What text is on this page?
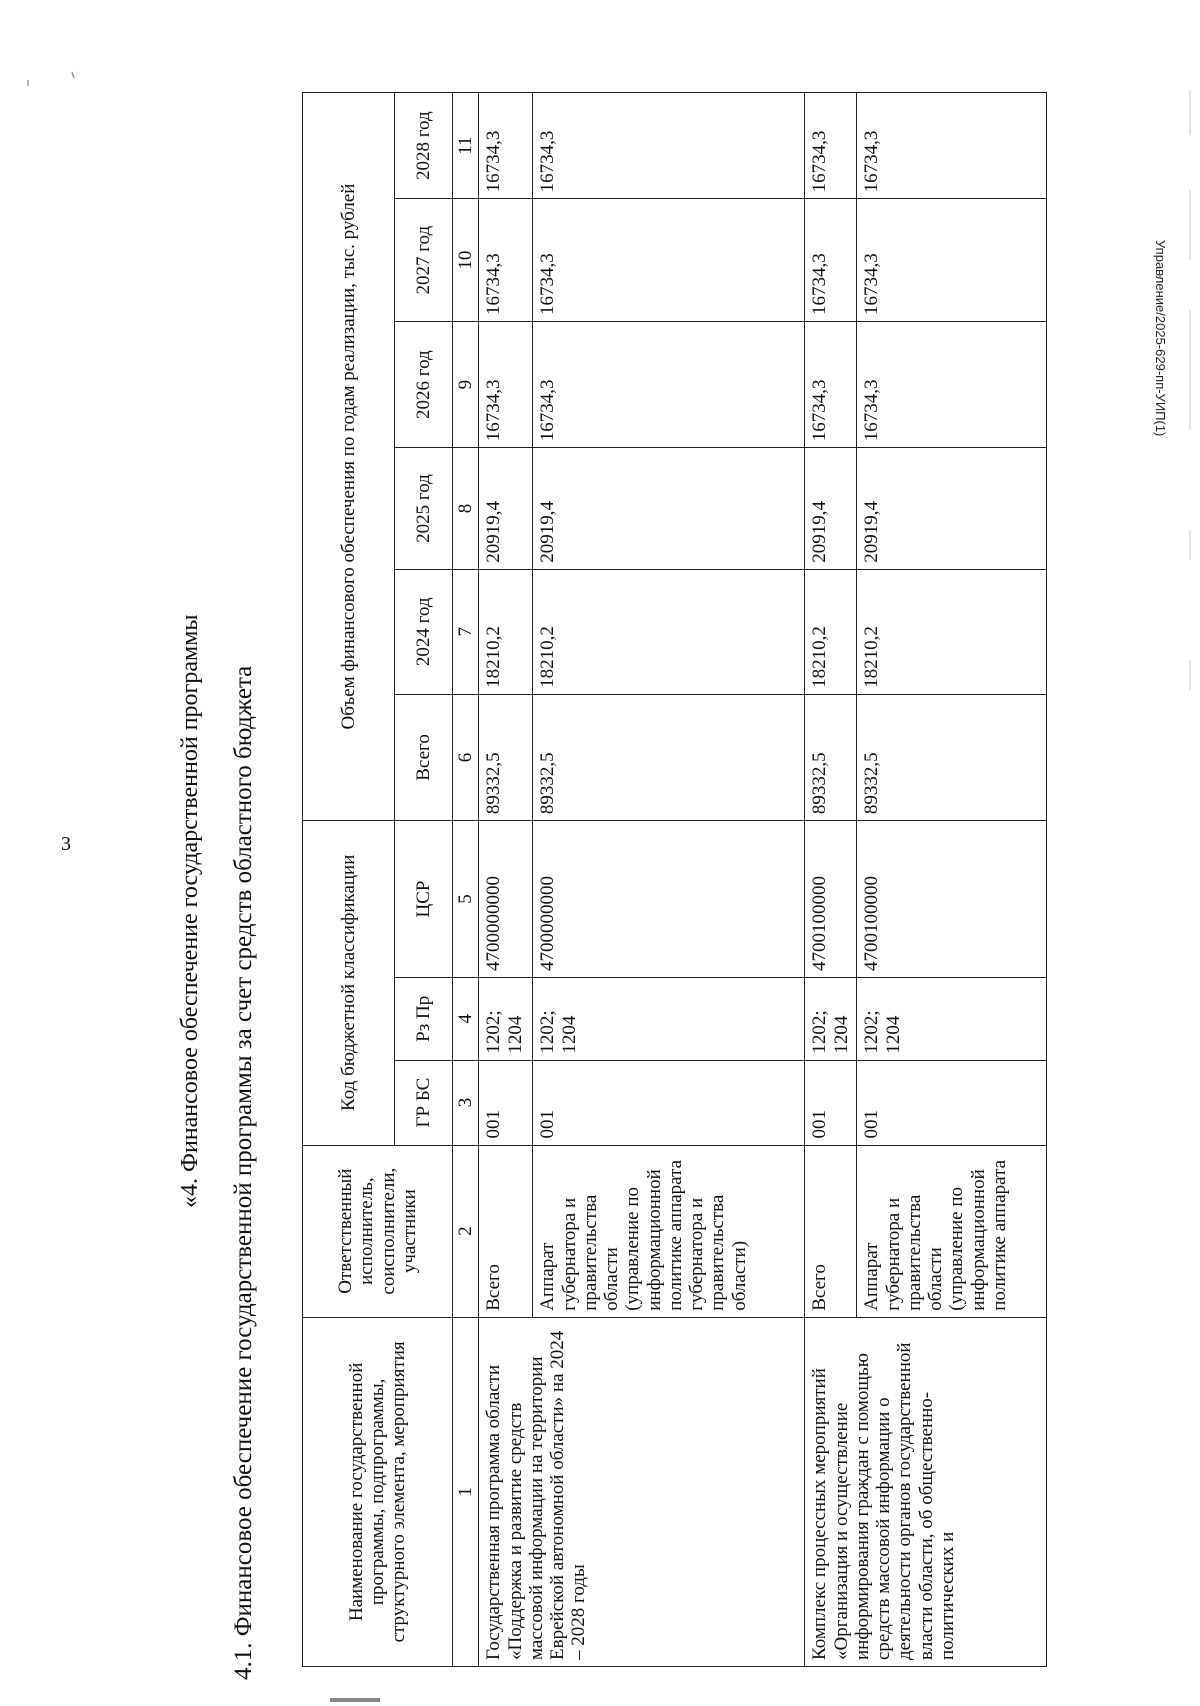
3
Управление/2025-629-пп-УИП(1)
«4. Финансовое обеспечение государственной программы 4.1. Финансовое обеспечение государственной программы за счет средств областного бюджета	Наименование государственной программы, подпрограммы, структурного элемента, мероприятия	Ответственный исполнитель, соисполнители, участники	Код бюджетной классификации			Объем финансового обеспечения по годам реализации, тыс. рублей					
		ГР БС	Рз Пр	ЦСР	Всего	2024 год	2025 год	2026 год	2027 год	2028 год
1	2	3	4	5	6	7	8	9	10	11
Государственная программа области «Поддержка и развитие средств массовой информации на территории Еврейской автономной области» на 2024 – 2028 годы	Всего	001	1202; 1204	4700000000	89332,5	18210,2	20919,4	16734,3	16734,3	16734,3
	Аппарат губернатора и правительства области (управление по информационной политике аппарата губернатора и правительства области)	001	1202; 1204	4700000000	89332,5	18210,2	20919,4	16734,3	16734,3	16734,3
Комплекс процессных мероприятий «Организация и осуществление информирования граждан с помощью средств массовой информации о деятельности органов государственной власти области, об общественно-политических и	Всего	001	1202; 1204	4700100000	89332,5	18210,2	20919,4	16734,3	16734,3	16734,3
	Аппарат губернатора и правительства области (управление по информационной политике аппарата	001	1202; 1204	4700100000	89332,5	18210,2	20919,4	16734,3	16734,3	16734,3
